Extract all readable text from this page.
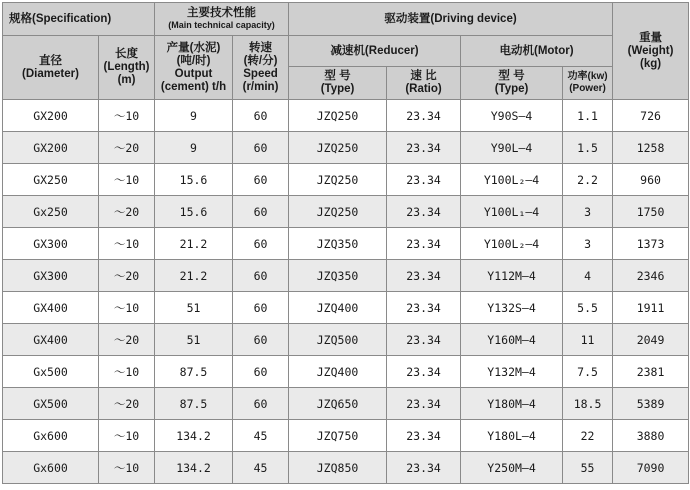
规格(Specification)		主要技术性能
(Main technical capacity)		驱动装置(Driving device)				重量
(Weight)
(kg)

直径
(Diameter)	长度
(Length)
(m)	产量(水泥)
(吨/时)
Output
(cement) t/h	转速
(转/分)
Speed
(r/min)	减速机(Reducer)		电动机(Motor)		

				型 号
(Type)	速 比
(Ratio)	型 号
(Type)	功率(kw)
(Power)	

GX200	～10	9	60	JZQ250	23.34	Y90S—4	1.1	726
GX200	～20	9	60	JZQ250	23.34	Y90L—4	1.5	1258
GX250	～10	15.6	60	JZQ250	23.34	Y100L₂—4	2.2	960
Gx250	～20	15.6	60	JZQ250	23.34	Y100L₁—4	3	1750
GX300	～10	21.2	60	JZQ350	23.34	Y100L₂—4	3	1373
GX300	～20	21.2	60	JZQ350	23.34	Y112M—4	4	2346
GX400	～10	51	60	JZQ400	23.34	Y132S—4	5.5	1911
GX400	～20	51	60	JZQ500	23.34	Y160M—4	11	2049
Gx500	～10	87.5	60	JZQ400	23.34	Y132M—4	7.5	2381
GX500	～20	87.5	60	JZQ650	23.34	Y180M—4	18.5	5389
Gx600	～10	134.2	45	JZQ750	23.34	Y180L—4	22	3880
Gx600	～10	134.2	45	JZQ850	23.34	Y250M—4	55	7090
